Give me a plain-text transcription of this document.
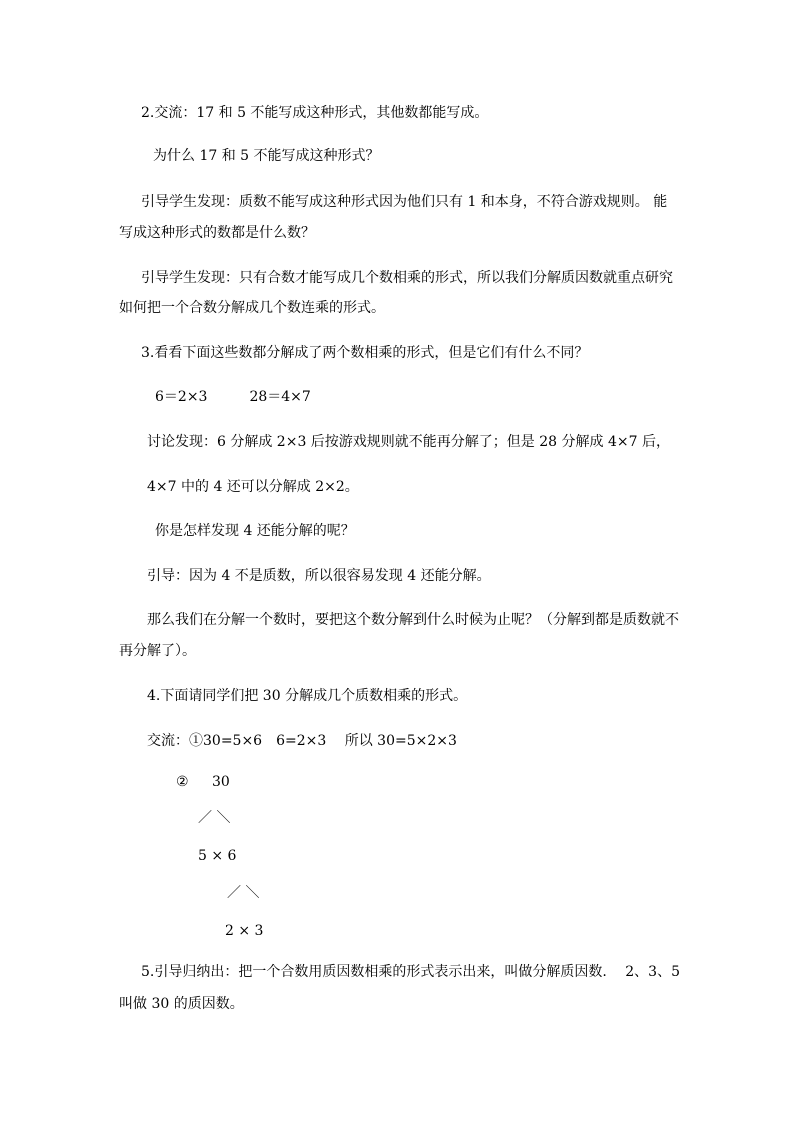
2.交流：17 和 5 不能写成这种形式，其他数都能写成。
为什么 17 和 5 不能写成这种形式？
引导学生发现：质数不能写成这种形式因为他们只有 1 和本身，不符合游戏规则。 能
写成这种形式的数都是什么数？
引导学生发现：只有合数才能写成几个数相乘的形式，所以我们分解质因数就重点研究
如何把一个合数分解成几个数连乘的形式。
3.看看下面这些数都分解成了两个数相乘的形式，但是它们有什么不同？
6＝2×3　　　28＝4×7
讨论发现：6 分解成 2×3 后按游戏规则就不能再分解了；但是 28 分解成 4×7 后，
4×7 中的 4 还可以分解成 2×2。
你是怎样发现 4 还能分解的呢？
引导：因为 4 不是质数，所以很容易发现 4 还能分解。
那么我们在分解一个数时，要把这个数分解到什么时候为止呢？（分解到都是质数就不
再分解了）。
4.下面请同学们把 30 分解成几个质数相乘的形式。
交流：①30=5×6　6=2×3　 所以 30=5×2×3
② 30
／ ＼
5 × 6
／ ＼
2 × 3
5.引导归纳出：把一个合数用质因数相乘的形式表示出来，叫做分解质因数.　 2、3、5
叫做 30 的质因数。
